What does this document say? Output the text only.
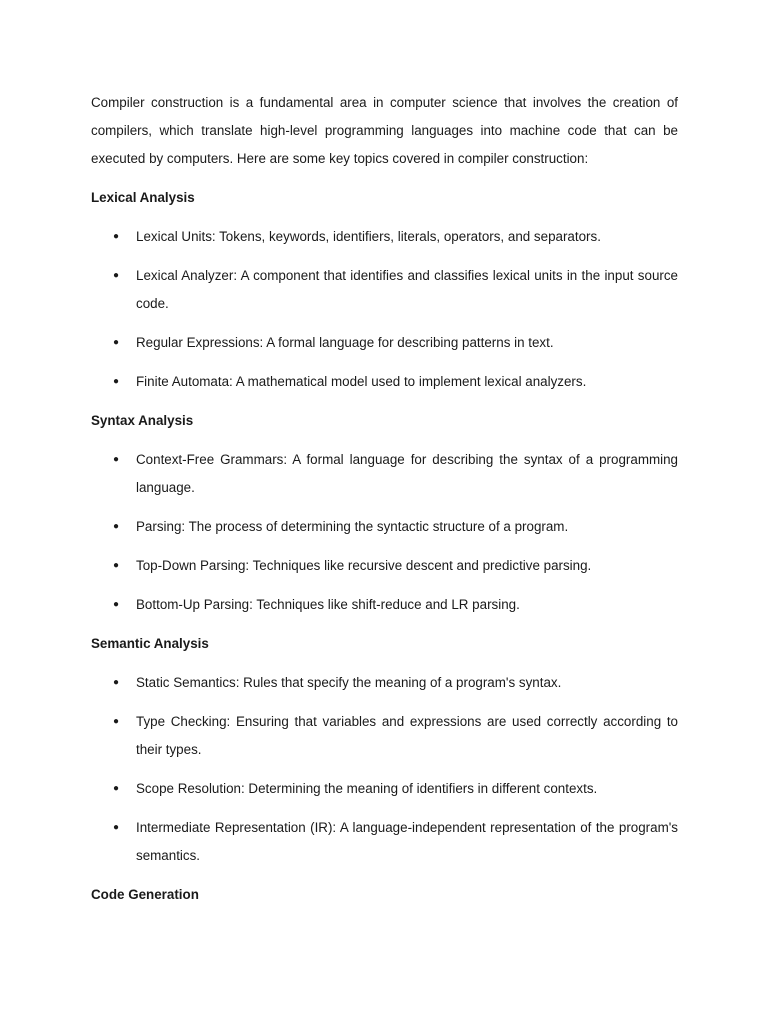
Compiler construction is a fundamental area in computer science that involves the creation of compilers, which translate high-level programming languages into machine code that can be executed by computers. Here are some key topics covered in compiler construction:

Lexical Analysis
● Lexical Units: Tokens, keywords, identifiers, literals, operators, and separators.
● Lexical Analyzer: A component that identifies and classifies lexical units in the input source code.
● Regular Expressions: A formal language for describing patterns in text.
● Finite Automata: A mathematical model used to implement lexical analyzers.
Syntax Analysis
● Context-Free Grammars: A formal language for describing the syntax of a programming language.
● Parsing: The process of determining the syntactic structure of a program.
● Top-Down Parsing: Techniques like recursive descent and predictive parsing.
● Bottom-Up Parsing: Techniques like shift-reduce and LR parsing.
Semantic Analysis
● Static Semantics: Rules that specify the meaning of a program's syntax.
● Type Checking: Ensuring that variables and expressions are used correctly according to their types.
● Scope Resolution: Determining the meaning of identifiers in different contexts.
● Intermediate Representation (IR): A language-independent representation of the program's semantics.
Code Generation
